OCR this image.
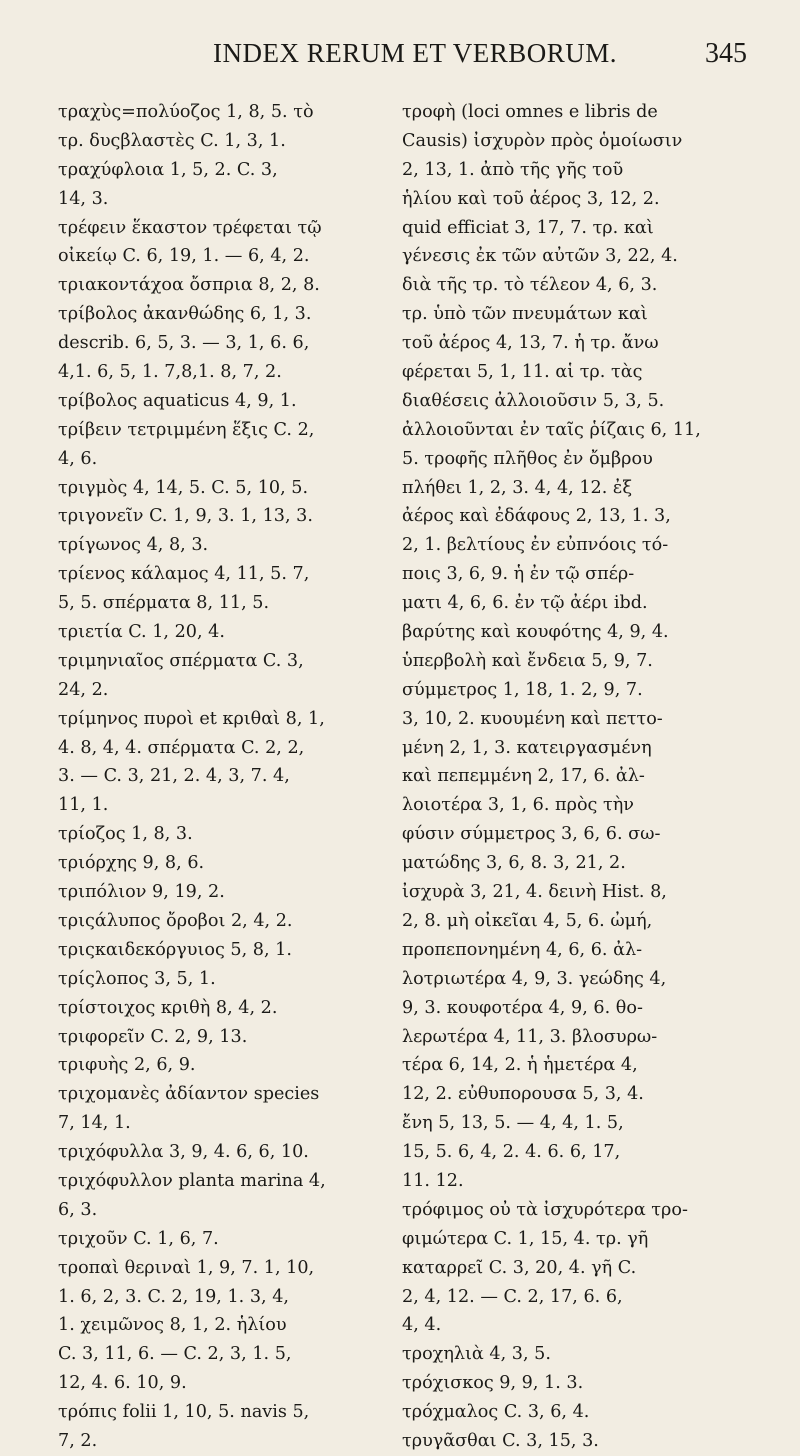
INDEX RERUM ET VERBORUM.	345
τραχὺς=πολύοζος 1, 8, 5. τὸ
τρ. δυςβλαστὲς C. 1, 3, 1.
τραχύφλοια 1, 5, 2. C. 3,
14, 3.
τρέφειν ἕκαστον τρέφεται τῷ
οἰκείῳ C. 6, 19, 1. — 6, 4, 2.
τριακοντάχοα ὄσπρια 8, 2, 8.
τρίβολος ἀκανθώδης 6, 1, 3.
describ. 6, 5, 3. — 3, 1, 6. 6,
4,1. 6, 5, 1. 7,8,1. 8, 7, 2.
τρίβολος aquaticus 4, 9, 1.
τρίβειν τετριμμένη ἕξις C. 2,
4, 6.
τριγμὸς 4, 14, 5. C. 5, 10, 5.
τριγονεῖν C. 1, 9, 3. 1, 13, 3.
τρίγωνος 4, 8, 3.
τρίενος κάλαμος 4, 11, 5. 7,
5, 5. σπέρματα 8, 11, 5.
τριετία C. 1, 20, 4.
τριμηνιαῖος σπέρματα C. 3,
24, 2.
τρίμηνος πυροὶ et κριθαὶ 8, 1,
4. 8, 4, 4. σπέρματα C. 2, 2,
3. — C. 3, 21, 2. 4, 3, 7. 4,
11, 1.
τρίοζος 1, 8, 3.
τριόρχης 9, 8, 6.
τριπόλιον 9, 19, 2.
τριςάλυπος ὄροβοι 2, 4, 2.
τριςκαιδεκόργυιος 5, 8, 1.
τρίςλοπος 3, 5, 1.
τρίστοιχος κριθὴ 8, 4, 2.
τριφορεῖν C. 2, 9, 13.
τριφυὴς 2, 6, 9.
τριχομανὲς ἀδίαντον species
7, 14, 1.
τριχόφυλλα 3, 9, 4. 6, 6, 10.
τριχόφυλλον planta marina 4,
6, 3.
τριχοῦν C. 1, 6, 7.
τροπαὶ θεριναὶ 1, 9, 7. 1, 10,
1. 6, 2, 3. C. 2, 19, 1. 3, 4,
1. χειμῶνος 8, 1, 2. ἡλίου
C. 3, 11, 6. — C. 2, 3, 1. 5,
12, 4. 6. 10, 9.
τρόπις folii 1, 10, 5. navis 5,
7, 2.
τροφὴ (loci omnes e libris de
Causis) ἰσχυρὸν πρὸς ὁμοίωσιν
2, 13, 1. ἀπὸ τῆς γῆς τοῦ
ἡλίου καὶ τοῦ ἀέρος 3, 12, 2.
quid efficiat 3, 17, 7. τρ. καὶ
γένεσις ἐκ τῶν αὐτῶν 3, 22, 4.
διὰ τῆς τρ. τὸ τέλεον 4, 6, 3.
τρ. ὑπὸ τῶν πνευμάτων καὶ
τοῦ ἀέρος 4, 13, 7. ἡ τρ. ἄνω
φέρεται 5, 1, 11. αἱ τρ. τὰς
διαθέσεις ἀλλοιοῦσιν 5, 3, 5.
ἀλλοιοῦνται ἐν ταῖς ῥίζαις 6, 11,
5. τροφῆς πλῆθος ἐν ὄμβρου
πλήθει 1, 2, 3. 4, 4, 12. ἐξ
ἀέρος καὶ ἐδάφους 2, 13, 1. 3,
2, 1. βελτίους ἐν εὐπνόοις τό-
ποις 3, 6, 9. ἡ ἐν τῷ σπέρ-
ματι 4, 6, 6. ἐν τῷ ἀέρι ibd.
βαρύτης καὶ κουφότης 4, 9, 4.
ὑπερβολὴ καὶ ἔνδεια 5, 9, 7.
σύμμετρος 1, 18, 1. 2, 9, 7.
3, 10, 2. κυουμένη καὶ πεττο-
μένη 2, 1, 3. κατειργασμένη
καὶ πεπεμμένη 2, 17, 6. ἀλ-
λοιοτέρα 3, 1, 6. πρὸς τὴν
φύσιν σύμμετρος 3, 6, 6. σω-
ματώδης 3, 6, 8. 3, 21, 2.
ἰσχυρὰ 3, 21, 4. δεινὴ Hist. 8,
2, 8. μὴ οἰκεῖαι 4, 5, 6. ὠμή,
προπεπονημένη 4, 6, 6. ἀλ-
λοτριωτέρα 4, 9, 3. γεώδης 4,
9, 3. κουφοτέρα 4, 9, 6. θο-
λερωτέρα 4, 11, 3. βλοσυρω-
τέρα 6, 14, 2. ἡ ἡμετέρα 4,
12, 2. εὐθυπορουσα 5, 3, 4.
ἔνη 5, 13, 5. — 4, 4, 1. 5,
15, 5. 6, 4, 2. 4. 6. 6, 17,
11. 12.
τρόφιμος οὐ τὰ ἰσχυρότερα τρο-
φιμώτερα C. 1, 15, 4. τρ. γῆ
καταρρεῖ C. 3, 20, 4. γῆ C.
2, 4, 12. — C. 2, 17, 6. 6,
4, 4.
τροχηλιὰ 4, 3, 5.
τρόχισκος 9, 9, 1. 3.
τρόχμαλος C. 3, 6, 4.
τρυγᾶσθαι C. 3, 15, 3.
